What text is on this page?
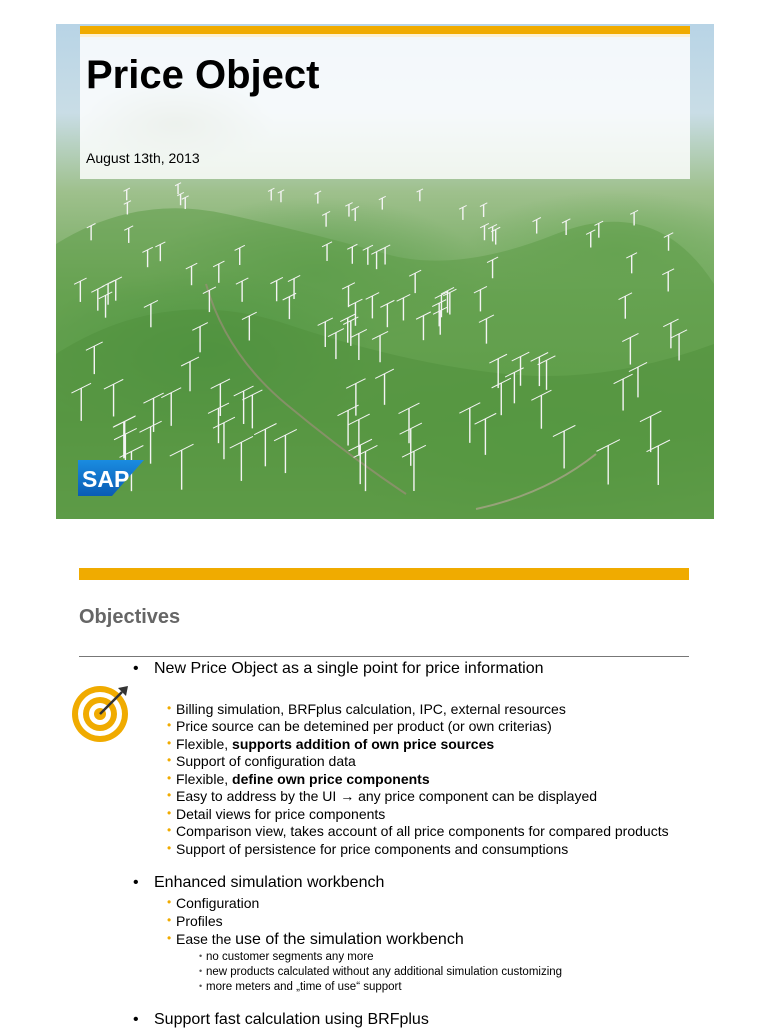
Price Object
August 13th, 2013
SAP
Objectives
• New Price Object as a single point for price information
• Billing simulation, BRFplus calculation, IPC, external resources
• Price source can be detemined per product (or own criterias)
• Flexible, supports addition of own price sources
• Support of configuration data
• Flexible, define own price components
• Easy to address by the UI → any price component can be displayed
• Detail views for price components
• Comparison view, takes account of all price components for compared products
• Support of persistence for price components and consumptions
• Enhanced simulation workbench
• Configuration
• Profiles
• Ease the use of the simulation workbench
• no customer segments any more
• new products calculated without any additional simulation customizing
• more meters and „time of use“ support
• Support fast calculation using BRFplus
